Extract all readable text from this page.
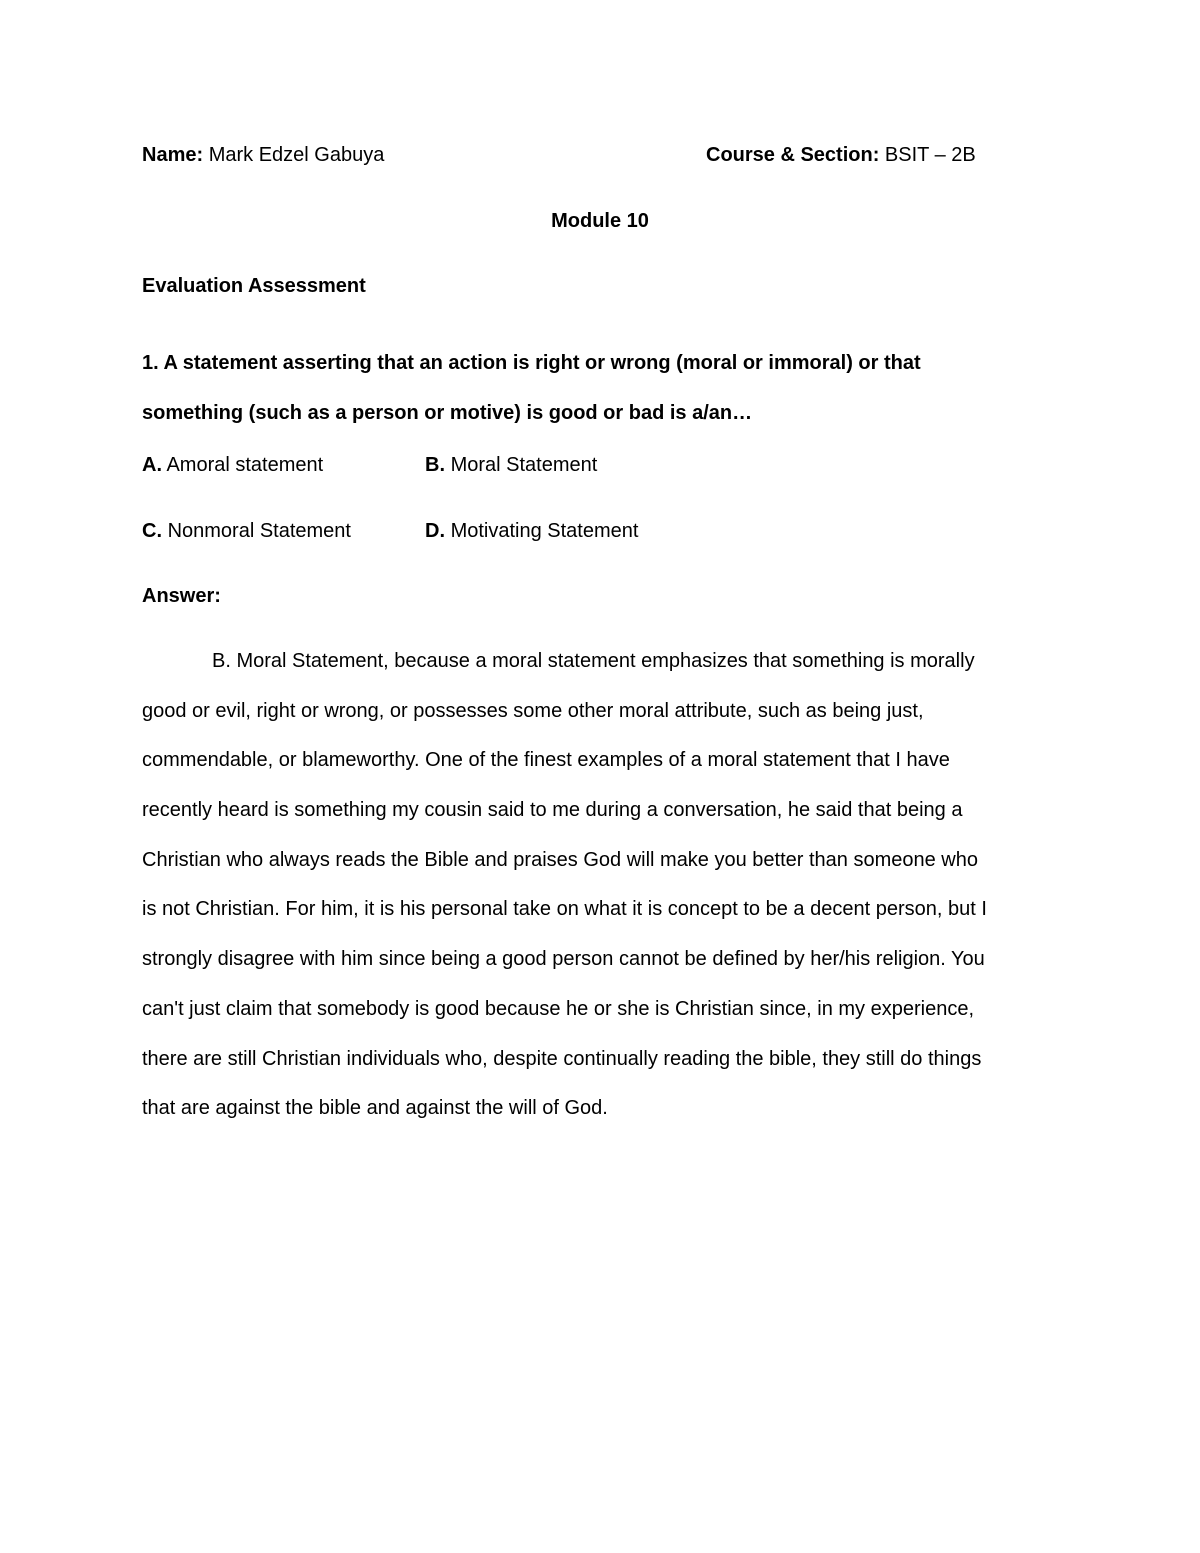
Name: Mark Edzel Gabuya	Course & Section: BSIT – 2B
Module 10
Evaluation Assessment

1. A statement asserting that an action is right or wrong (moral or immoral) or that

something (such as a person or motive) is good or bad is a/an…

A. Amoral statement	B. Moral Statement
C. Nonmoral Statement	D. Motivating Statement
Answer:
B. Moral Statement, because a moral statement emphasizes that something is morally
good or evil, right or wrong, or possesses some other moral attribute, such as being just,
commendable, or blameworthy. One of the finest examples of a moral statement that I have
recently heard is something my cousin said to me during a conversation, he said that being a
Christian who always reads the Bible and praises God will make you better than someone who
is not Christian. For him, it is his personal take on what it is concept to be a decent person, but I
strongly disagree with him since being a good person cannot be defined by her/his religion. You
can't just claim that somebody is good because he or she is Christian since, in my experience,
there are still Christian individuals who, despite continually reading the bible, they still do things
that are against the bible and against the will of God.
